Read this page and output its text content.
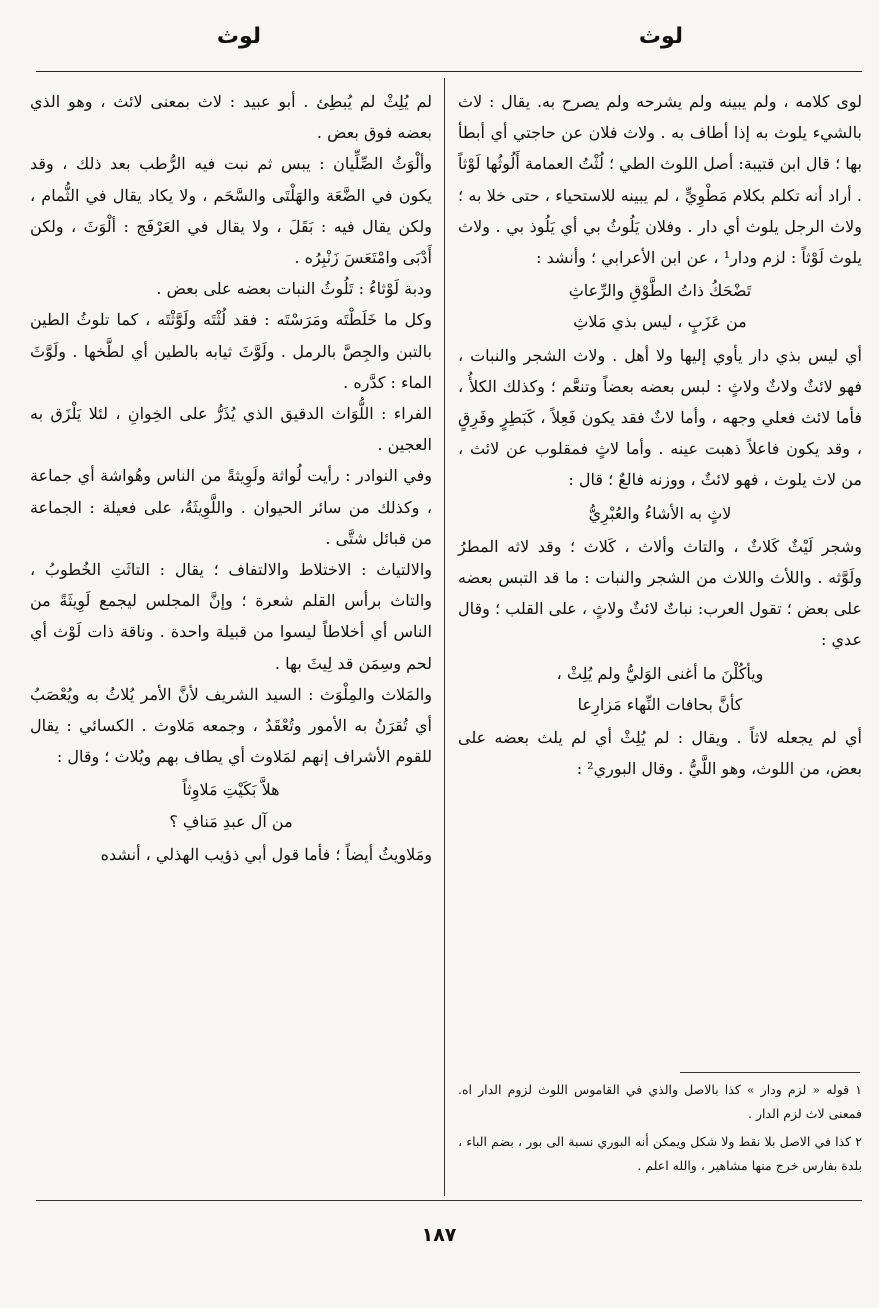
لوث
لوث

لوى كلامه ، ولم يبينه ولم يشرحه ولم يصرح به. يقال : لاث بالشيء يلوث به إذا أطاف به . ولاث فلان عن حاجتي أي أبطأ بها ؛ قال ابن قتيبة: أصل اللوث الطي ؛ لُثْتُ العمامة أَلُوثُها لَوْثاً . أراد أنه تكلم بكلام مَطْوِيٍّ ، لم يبينه للاستحياء ، حتى خلا به ؛ ولاث الرجل يلوث أي دار . وفلان يَلُوثُ بي أي يَلُوذ بي . ولاث يلوث لَوْثاً : لزم ودار¹ ، عن ابن الأعرابي ؛ وأنشد :

تَضْحَكُ ذاتُ الطَّوْقِ والرِّعاثِ
من عَزَبٍ ، ليس بذي مَلاثِ

أي ليس بذي دار يأوي إليها ولا أهل . ولاث الشجر والنبات ، فهو لائثٌ ولاثٌ ولاثٍ : لبس بعضه بعضاً وتنعَّم ؛ وكذلك الكلأُ ، فأما لائث فعلي وجهه ، وأما لاثٌ فقد يكون فَعِلاً ، كَبَطِرٍ وفَرِقٍ ، وقد يكون فاعلاً ذهبت عينه . وأما لاثٍ فمقلوب عن لائث ، من لاث يلوث ، فهو لائثٌ ، ووزنه فالعٌ ؛ قال :

لاثٍ به الأشاءُ والعُبْرِيُّ

وشجر لَيْثٌ كَلاثٌ ، والتاث وألاث ، كَلاث ؛ وقد لاثه المطرُ ولَوَّثه . واللأث واللاث من الشجر والنبات : ما قد التبس بعضه على بعض ؛ تقول العرب: نباتٌ لائثٌ ولاثٍ ، على القلب ؛ وقال عدي :

ويأكُلْنَ ما أغنى الوَليُّ ولم يُلِثْ ،
كأنَّ بحافات النِّهاء مَزارِعا

أي لم يجعله لاثاً . ويقال : لم يُلِثْ أي لم يلث بعضه على بعض، من اللوث، وهو اللَّيُّ . وقال البوري² :

لم يُلِثْ لم يُبطِئ . أبو عبيد : لاث بمعنى لائث ، وهو الذي بعضه فوق بعض .

وألْوَثُ الصِّلِّيان : يبس ثم نبت فيه الرُّطب بعد ذلك ، وقد يكون في الضَّعَة والهَلْتَى والسَّحَم ، ولا يكاد يقال في الثُّمام ، ولكن يقال فيه : بَقَلَ ، ولا يقال في العَرْفَج : ألْوَثَ ، ولكن أَدْبَى وامْتَعَسَ زَنْبِرُه .

ودبة لَوْثاءُ : تَلُوثُ النبات بعضه على بعض .

وكل ما خَلَطْتَه ومَرَسْتَه : فقد لُثْتَه ولَوَّثْتَه ، كما تلوثُ الطين بالتبن والجِصَّ بالرمل . ولَوَّثَ ثيابه بالطين أي لطَّخها . ولَوَّثَ الماء : كدَّره .

الفراء : اللُّوَاث الدقيق الذي يُذَرُّ على الخِوانِ ، لئلا يَلْزَق به العجين .

وفي النوادر : رأيت لُواثة ولَوِيثةً من الناس وهُواشة أي جماعة ، وكذلك من سائر الحيوان . واللَّوِيثَةُ، على فعيلة : الجماعة من قبائل شتَّى .

والالتياث : الاختلاط والالتفاف ؛ يقال : التاثَتِ الخُطوبُ ، والتاث برأس القلم شعرة ؛ وإنَّ المجلس ليجمع لَوِيثَةً من الناس أي أخلاطاً ليسوا من قبيلة واحدة . وناقة ذات لَوْث أي لحم وسِمَن قد لِيثَ بها .

والمَلاث والمِلْوَث : السيد الشريف لأنَّ الأمر يُلاثُ به ويُعْصَبُ أي تُقرَنُ به الأمور وتُعْقَدُ ، وجمعه مَلاوث . الكسائي : يقال للقوم الأشراف إنهم لمَلاوث أي يطاف بهم ويُلاث ؛ وقال :

هلاَّ بَكَيْتِ مَلاوِثاً
من آل عبدِ مَنافِ ؟

ومَلاويثُ أيضاً ؛ فأما قول أبي ذؤيب الهذلي ، أنشده

١ قوله « لزم ودار » كذا بالاصل والذي في القاموس اللوث لزوم الدار اه. فمعنى لاث لزم الدار .

٢ كذا في الاصل بلا نقط ولا شكل ويمكن أنه البوري نسبة الى بور ، بضم الباء ، بلدة بفارس خرج منها مشاهير ، والله اعلم .

١٨٧
